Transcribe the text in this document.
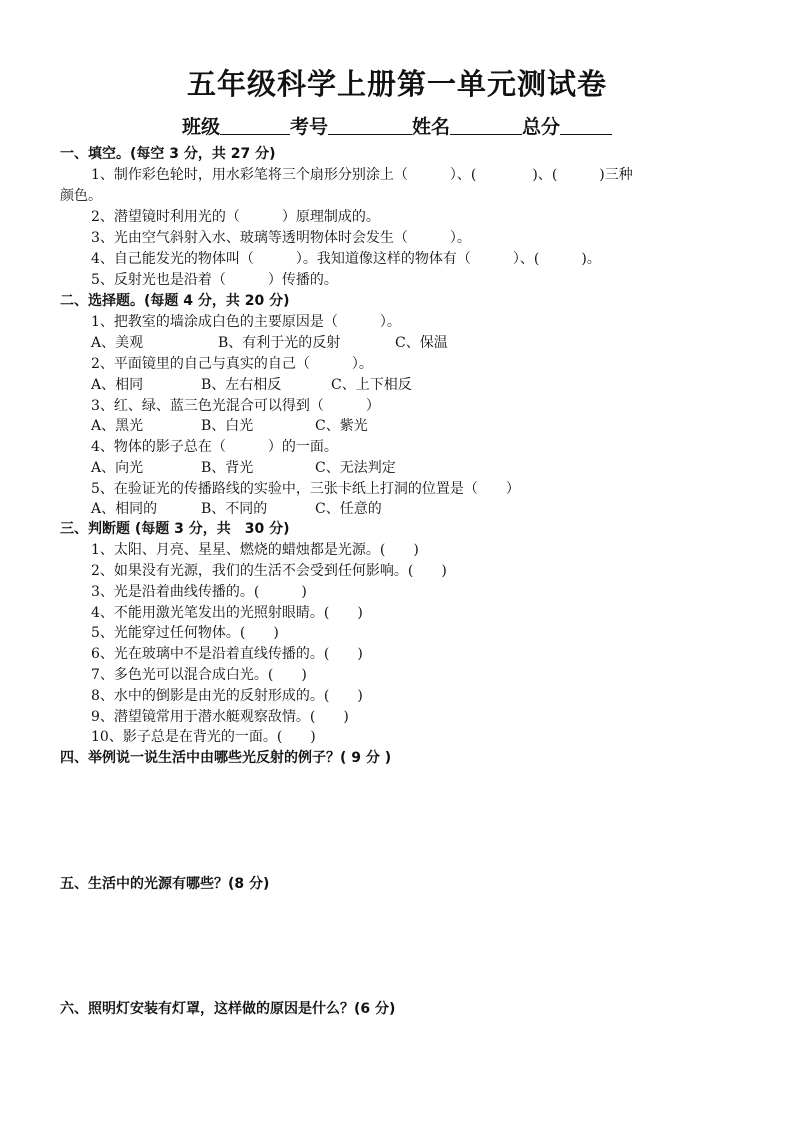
五年级科学上册第一单元测试卷
班级	考号	姓名	总分
一、填空。(每空 3 分，共 27 分)
1、制作彩色轮时，用水彩笔将三个扇形分别涂上（　　　）、(　　　　)、(　　　)三种
颜色。
2、潜望镜时利用光的（　　　）原理制成的。
3、光由空气斜射入水、玻璃等透明物体时会发生（　　　）。
4、自己能发光的物体叫（　　　）。我知道像这样的物体有（　　　）、(　　　)。
5、反射光也是沿着（　　　）传播的。
二、选择题。(每题 4 分，共 20 分)
1、把教室的墙涂成白色的主要原因是（　　　）。
A、美观	B、有利于光的反射	C、保温
2、平面镜里的自己与真实的自己（　　　）。
A、相同	B、左右相反	C、上下相反
3、红、绿、蓝三色光混合可以得到（　　　）
A、黑光	B、白光	C、紫光
4、物体的影子总在（　　　）的一面。
A、向光	B、背光	C、无法判定
5、在验证光的传播路线的实验中，三张卡纸上打洞的位置是（　　）
A、相同的	B、不同的	C、任意的
三、判断题 (每题 3 分，共　30 分)
1、太阳、月亮、星星、燃烧的蜡烛都是光源。(　　)
2、如果没有光源，我们的生活不会受到任何影响。(　　)
3、光是沿着曲线传播的。(　　　)
4、不能用激光笔发出的光照射眼睛。(　　)
5、光能穿过任何物体。(　　)
6、光在玻璃中不是沿着直线传播的。(　　)
7、多色光可以混合成白光。(　　)
8、水中的倒影是由光的反射形成的。(　　)
9、潜望镜常用于潜水艇观察敌情。(　　)
10、影子总是在背光的一面。(　　)
四、举例说一说生活中由哪些光反射的例子？( 9 分 )
五、生活中的光源有哪些？(8 分)
六、照明灯安装有灯罩，这样做的原因是什么？(6 分)
